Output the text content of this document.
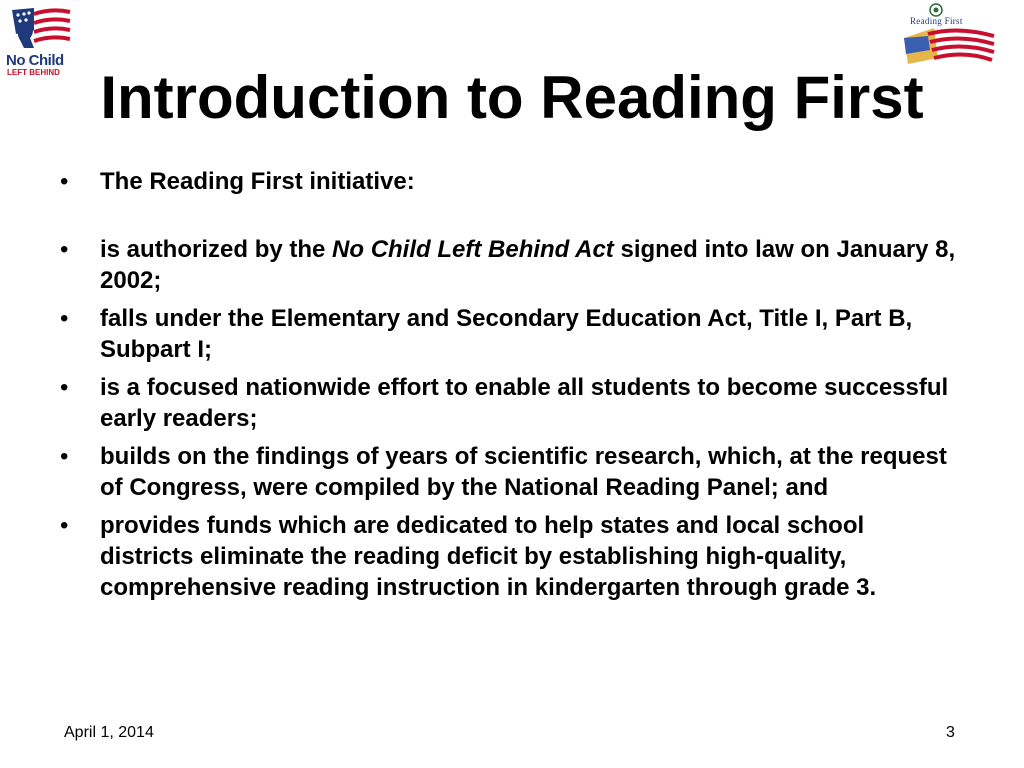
No Child
LEFT BEHIND
Reading First
Introduction to Reading First
• The Reading First initiative:
• is authorized by the No Child Left Behind Act signed into law on January 8, 2002;
• falls under the Elementary and Secondary Education Act, Title I, Part B, Subpart I;
• is a focused nationwide effort to enable all students to become successful early readers;
• builds on the findings of years of scientific research, which, at the request of Congress, were compiled by the National Reading Panel; and
• provides funds which are dedicated to help states and local school districts eliminate the reading deficit by establishing high-quality, comprehensive reading instruction in kindergarten through grade 3.
April 1, 2014	3
